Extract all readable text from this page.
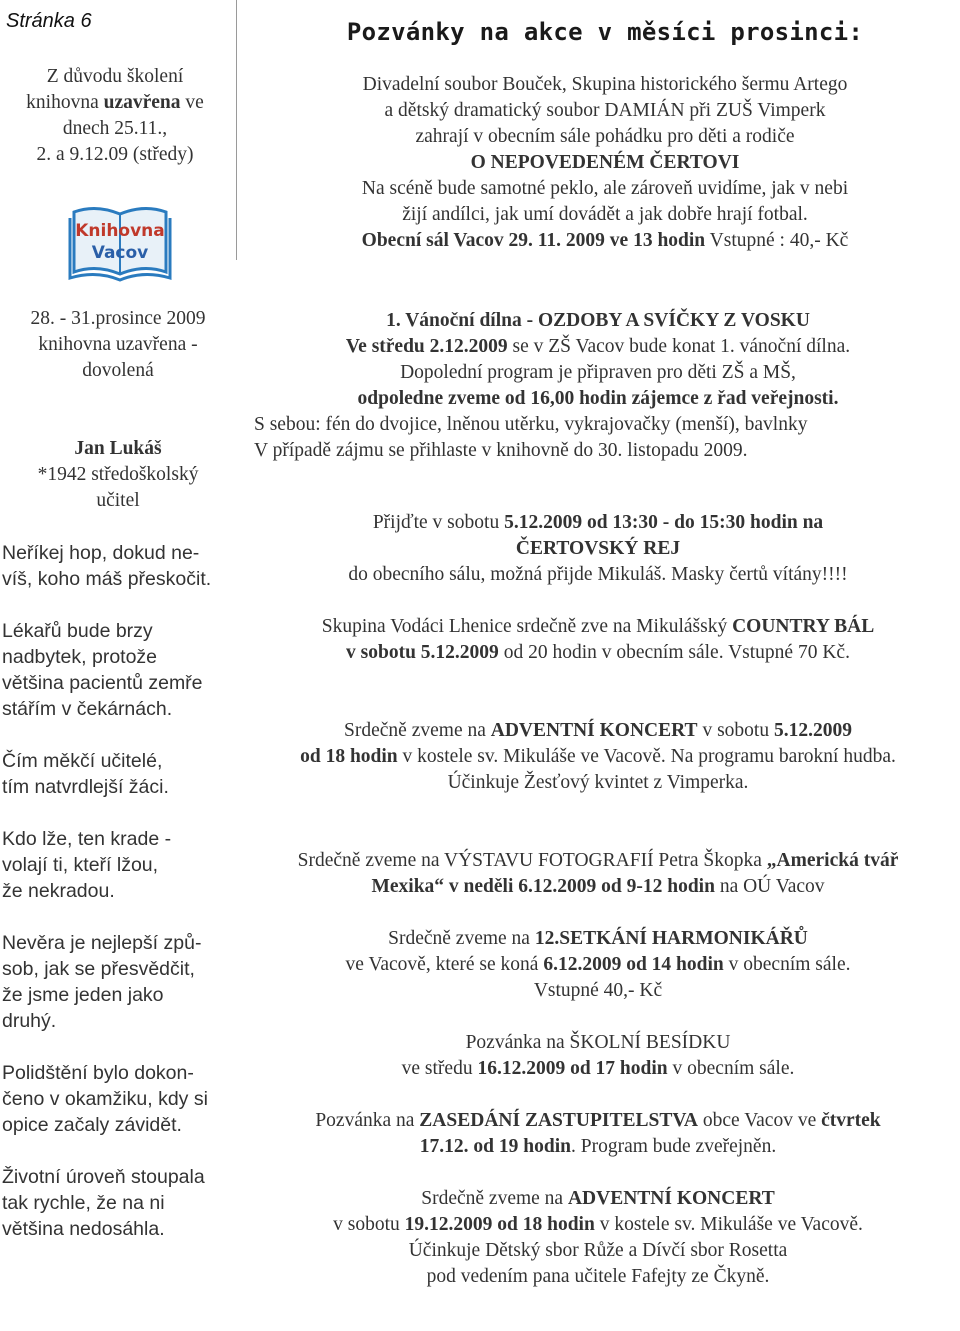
Stránka 6
Z důvodu školení
knihovna uzavřena ve
dnech 25.11.,
2. a 9.12.09 (středy)
Knihovna
Vacov
Pozvánky na akce v měsíci prosinci:
Divadelní soubor Bouček, Skupina historického šermu Artego
a dětský dramatický soubor DAMIÁN při ZUŠ Vimperk
zahrají v obecním sále pohádku pro děti a rodiče
O NEPOVEDENÉM ČERTOVI
Na scéně bude samotné peklo, ale zároveň uvidíme, jak v nebi
žijí andílci, jak umí dovádět a jak dobře hrají fotbal.
Obecní sál Vacov 29. 11. 2009 ve 13 hodin Vstupné : 40,- Kč
28. - 31.prosince 2009
knihovna uzavřena -
dovolená
Jan Lukáš
*1942 středoškolský
učitel
Neříkej hop, dokud ne-
víš, koho máš přeskočit.
Lékařů bude brzy
nadbytek, protože
většina pacientů zemře
stářím v čekárnách.
Čím měkčí učitelé,
tím natvrdlejší žáci.
Kdo lže, ten krade -
volají ti, kteří lžou,
že nekradou.
Nevěra je nejlepší způ-
sob, jak se přesvědčit,
že jsme jeden jako
druhý.
Polidštění bylo dokon-
čeno v okamžiku, kdy si
opice začaly závidět.
Životní úroveň stoupala
tak rychle, že na ni
většina nedosáhla.

1. Vánoční dílna - OZDOBY A SVÍČKY Z VOSKU

Ve středu 2.12.2009 se v ZŠ Vacov bude konat 1. vánoční dílna.

Dopolední program je připraven pro děti ZŠ a MŠ,

odpoledne zveme od 16,00 hodin zájemce z řad veřejnosti.

S sebou: fén do dvojice, lněnou utěrku, vykrajovačky (menší), bavlnky

V případě zájmu se přihlaste v knihovně do 30. listopadu 2009.

Přijďte v sobotu 5.12.2009 od 13:30 - do 15:30 hodin na

ČERTOVSKÝ REJ

do obecního sálu, možná přijde Mikuláš. Masky čertů vítány!!!!

Skupina Vodáci Lhenice srdečně zve na Mikulášský COUNTRY BÁL

v sobotu 5.12.2009 od 20 hodin v obecním sále. Vstupné 70 Kč.

Srdečně zveme na ADVENTNÍ KONCERT v sobotu 5.12.2009

od 18 hodin v kostele sv. Mikuláše ve Vacově. Na programu barokní hudba.

Účinkuje Žesťový kvintet z Vimperka.

Srdečně zveme na VÝSTAVU FOTOGRAFIÍ Petra Škopka „Americká tvář

Mexika“ v neděli 6.12.2009 od 9-12 hodin na OÚ Vacov

Srdečně zveme na 12.SETKÁNÍ HARMONIKÁŘŮ

ve Vacově, které se koná 6.12.2009 od 14 hodin v obecním sále.

Vstupné 40,- Kč

Pozvánka na ŠKOLNÍ BESÍDKU

ve středu 16.12.2009 od 17 hodin v obecním sále.

Pozvánka na ZASEDÁNÍ ZASTUPITELSTVA obce Vacov ve čtvrtek

17.12. od 19 hodin. Program bude zveřejněn.

Srdečně zveme na ADVENTNÍ KONCERT

v sobotu 19.12.2009 od 18 hodin v kostele sv. Mikuláše ve Vacově.

Účinkuje Dětský sbor Růže a Dívčí sbor Rosetta

pod vedením pana učitele Fafejty ze Čkyně.
